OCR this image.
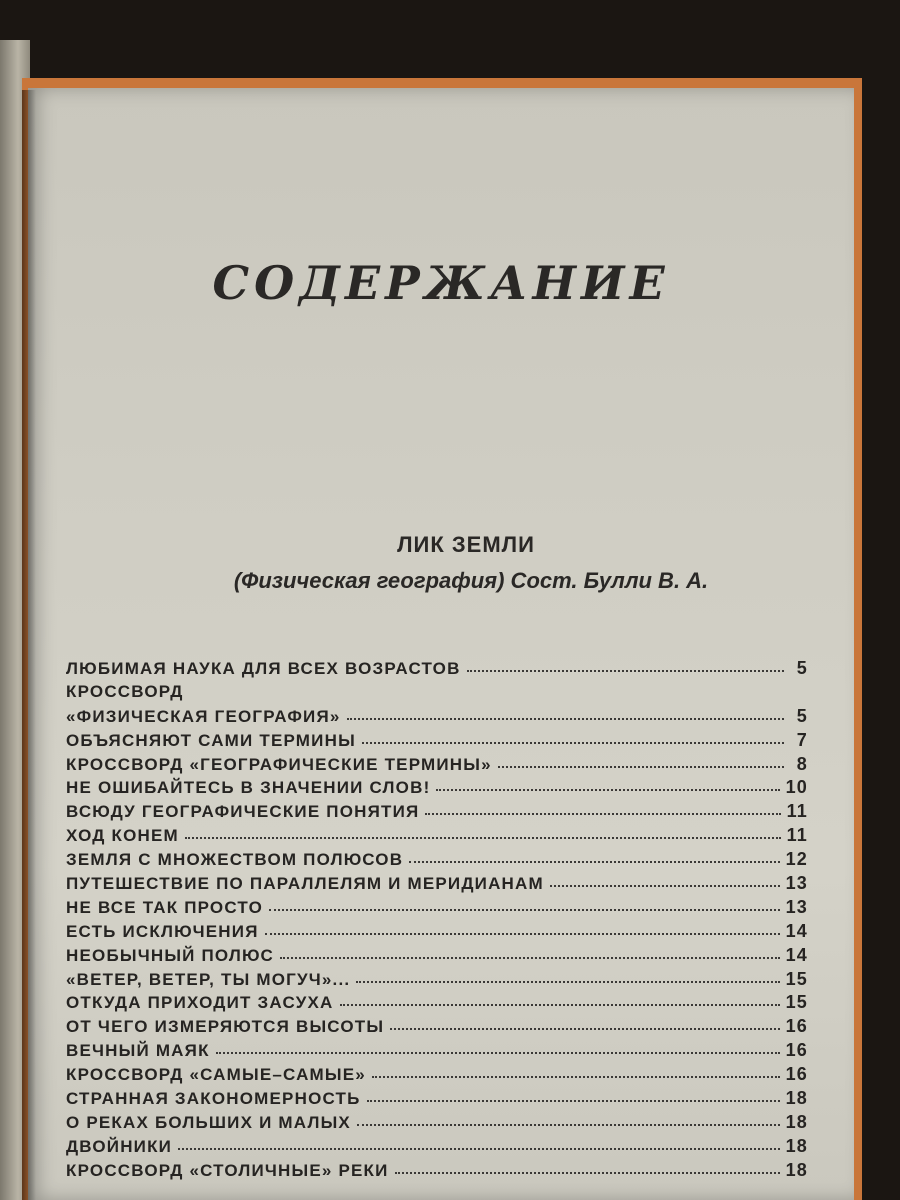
СОДЕРЖАНИЕ
ЛИК ЗЕМЛИ
(Физическая география) Сост. Булли В. А.
ЛЮБИМАЯ НАУКА ДЛЯ ВСЕХ ВОЗРАСТОВ	5
КРОССВОРД
«ФИЗИЧЕСКАЯ ГЕОГРАФИЯ»	5
ОБЪЯСНЯЮТ САМИ ТЕРМИНЫ	7
КРОССВОРД «ГЕОГРАФИЧЕСКИЕ ТЕРМИНЫ»	8
НЕ ОШИБАЙТЕСЬ В ЗНАЧЕНИИ СЛОВ!	10
ВСЮДУ ГЕОГРАФИЧЕСКИЕ ПОНЯТИЯ	11
ХОД КОНЕМ	11
ЗЕМЛЯ С МНОЖЕСТВОМ ПОЛЮСОВ	12
ПУТЕШЕСТВИЕ ПО ПАРАЛЛЕЛЯМ И МЕРИДИАНАМ	13
НЕ ВСЕ ТАК ПРОСТО	13
ЕСТЬ ИСКЛЮЧЕНИЯ	14
НЕОБЫЧНЫЙ ПОЛЮС	14
«ВЕТЕР, ВЕТЕР, ТЫ МОГУЧ»...	15
ОТКУДА ПРИХОДИТ ЗАСУХА	15
ОТ ЧЕГО ИЗМЕРЯЮТСЯ ВЫСОТЫ	16
ВЕЧНЫЙ МАЯК	16
КРОССВОРД «САМЫЕ–САМЫЕ»	16
СТРАННАЯ ЗАКОНОМЕРНОСТЬ	18
О РЕКАХ БОЛЬШИХ И МАЛЫХ	18
ДВОЙНИКИ	18
КРОССВОРД «СТОЛИЧНЫЕ» РЕКИ	18
